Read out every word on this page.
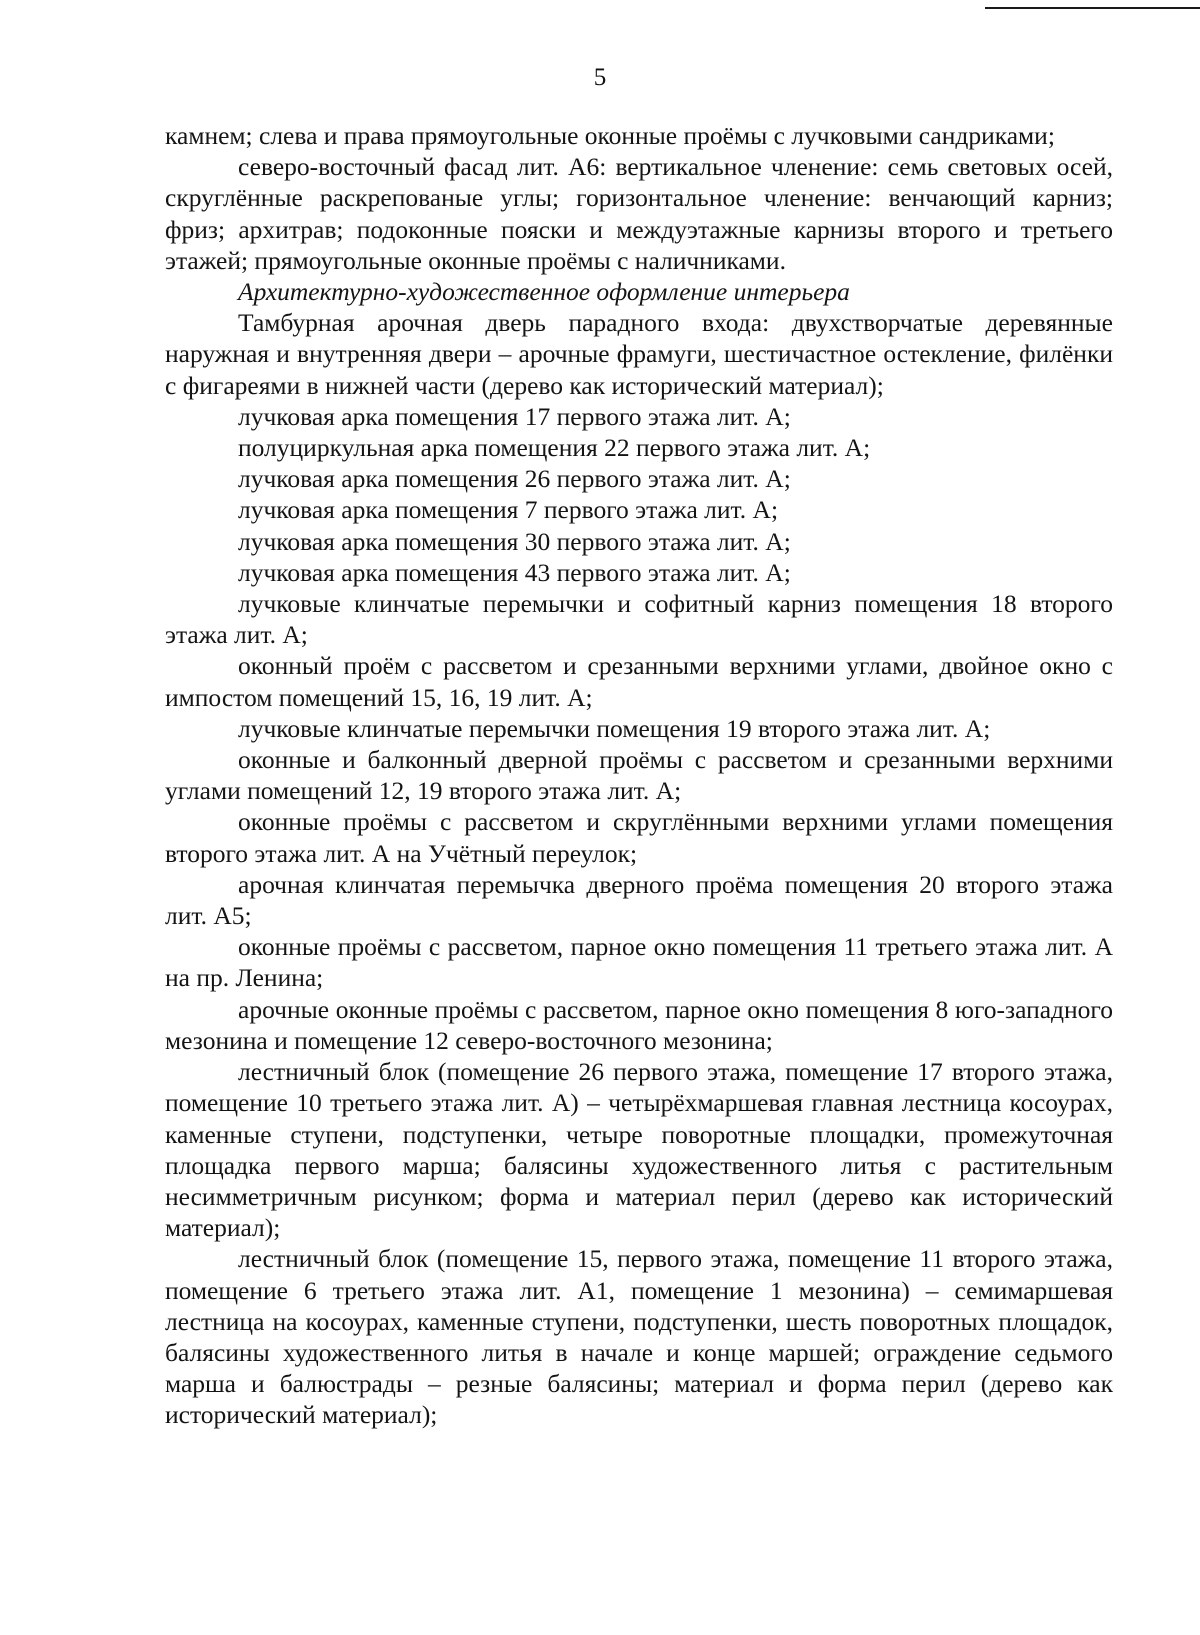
5

камнем; слева и права прямоугольные оконные проёмы с лучковыми сандриками;

северо-восточный фасад лит. А6: вертикальное членение: семь световых осей, скруглённые раскрепованые углы; горизонтальное членение: венчающий карниз; фриз; архитрав; подоконные пояски и междуэтажные карнизы второго и третьего этажей; прямоугольные оконные проёмы с наличниками.

Архитектурно-художественное оформление интерьера

Тамбурная арочная дверь парадного входа: двухстворчатые деревянные наружная и внутренняя двери – арочные фрамуги, шестичастное остекление, филёнки с фигареями в нижней части (дерево как исторический материал);

лучковая арка помещения 17 первого этажа лит. А;

полуциркульная арка помещения 22 первого этажа лит. А;

лучковая арка помещения 26 первого этажа лит. А;

лучковая арка помещения 7 первого этажа лит. А;

лучковая арка помещения 30 первого этажа лит. А;

лучковая арка помещения 43 первого этажа лит. А;

лучковые клинчатые перемычки и софитный карниз помещения 18 второго этажа лит. А;

оконный проём с рассветом и срезанными верхними углами, двойное окно с импостом помещений 15, 16, 19 лит. А;

лучковые клинчатые перемычки помещения 19 второго этажа лит. А;

оконные и балконный дверной проёмы с рассветом и срезанными верхними углами помещений 12, 19 второго этажа лит. А;

оконные проёмы с рассветом и скруглёнными верхними углами помещения второго этажа лит. А на Учётный переулок;

арочная клинчатая перемычка дверного проёма помещения 20 второго этажа лит. А5;

оконные проёмы с рассветом, парное окно помещения 11 третьего этажа лит. А на пр. Ленина;

арочные оконные проёмы с рассветом, парное окно помещения 8 юго-западного мезонина и помещение 12 северо-восточного мезонина;

лестничный блок (помещение 26 первого этажа, помещение 17 второго этажа, помещение 10 третьего этажа лит. А) – четырёхмаршевая главная лестница косоурах, каменные ступени, подступенки, четыре поворотные площадки, промежуточная площадка первого марша; балясины художественного литья с растительным несимметричным рисунком; форма и материал перил (дерево как исторический материал);

лестничный блок (помещение 15, первого этажа, помещение 11 второго этажа, помещение 6 третьего этажа лит. А1, помещение 1 мезонина) – семимаршевая лестница на косоурах, каменные ступени, подступенки, шесть поворотных площадок, балясины художественного литья в начале и конце маршей; ограждение седьмого марша и балюстрады – резные балясины; материал и форма перил (дерево как исторический материал);
